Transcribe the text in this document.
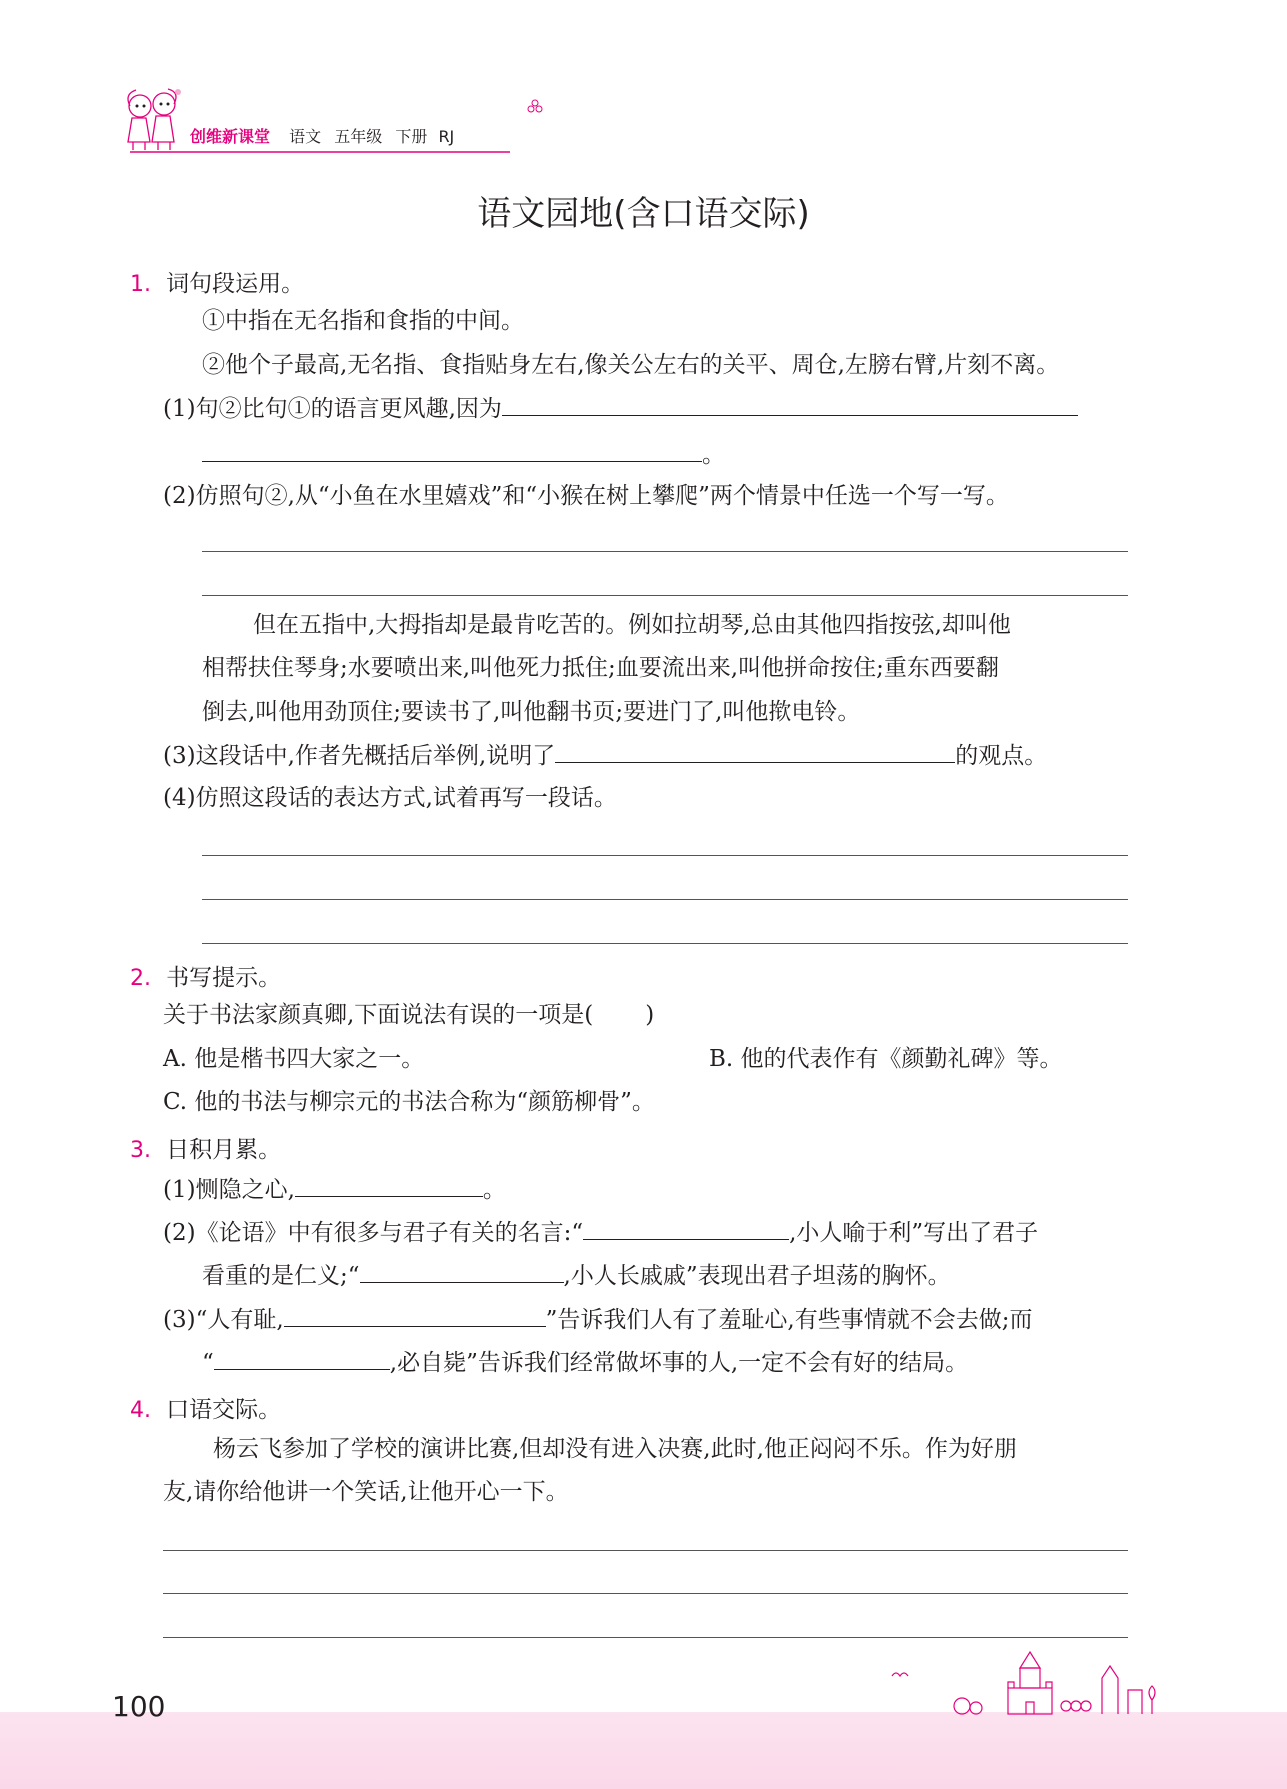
创维新课堂 语文 五年级 下册 RJ
语文园地(含口语交际)
1. 词句段运用。
①中指在无名指和食指的中间。
②他个子最高,无名指、食指贴身左右,像关公左右的关平、周仓,左膀右臂,片刻不离。
(1)句②比句①的语言更风趣,因为
。
(2)仿照句②,从“小鱼在水里嬉戏”和“小猴在树上攀爬”两个情景中任选一个写一写。
但在五指中,大拇指却是最肯吃苦的。例如拉胡琴,总由其他四指按弦,却叫他
相帮扶住琴身;水要喷出来,叫他死力抵住;血要流出来,叫他拼命按住;重东西要翻
倒去,叫他用劲顶住;要读书了,叫他翻书页;要进门了,叫他揿电铃。
(3)这段话中,作者先概括后举例,说明了	的观点。
(4)仿照这段话的表达方式,试着再写一段话。
2. 书写提示。
关于书法家颜真卿,下面说法有误的一项是( )
A. 他是楷书四大家之一。	B. 他的代表作有《颜勤礼碑》等。
C. 他的书法与柳宗元的书法合称为“颜筋柳骨”。
3. 日积月累。
(1)恻隐之心,	。
(2)《论语》中有很多与君子有关的名言:“	,小人喻于利”写出了君子
看重的是仁义;“	,小人长戚戚”表现出君子坦荡的胸怀。
(3)“人有耻,	”告诉我们人有了羞耻心,有些事情就不会去做;而
“	,必自毙”告诉我们经常做坏事的人,一定不会有好的结局。
4. 口语交际。
杨云飞参加了学校的演讲比赛,但却没有进入决赛,此时,他正闷闷不乐。作为好朋
友,请你给他讲一个笑话,让他开心一下。
100
